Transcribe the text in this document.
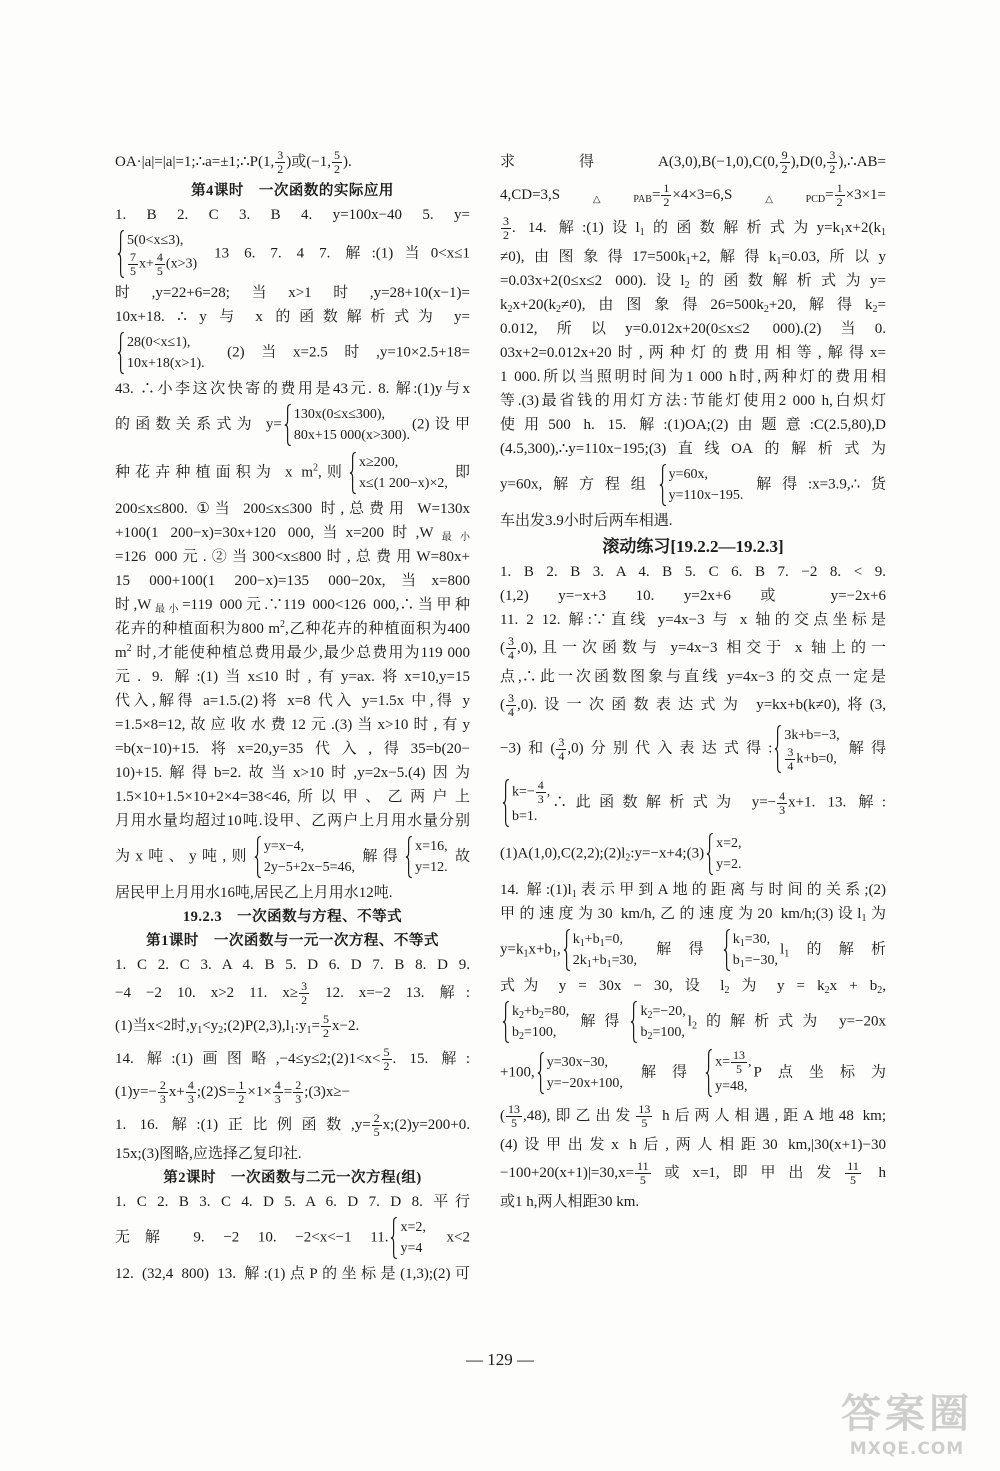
OA·|a|=|a|=1;∴a=±1;∴P(1, $\frac{3}{2}$ )或(−1, $\frac{5}{2}$ ).
第4课时　一次函数的实际应用
1. B 2. C 3. B 4. y=100x−40 5. y=
5(0<x≤3),
$\frac{7}{5} x+ \frac{4}{5} (x>3)$
13 6. 7. 4 7. 解:(1)当0<x≤1
时,y=22+6=28;当x>1时,y=28+10(x−1)=
10x+18. ∴ y 与 x 的函数解析式为 y=
28(0<x≤1),
10x+18(x>1).
(2)当x=2.5时,y=10×2.5+18=
43. ∴小李这次快寄的费用是43元. 8. 解:(1)y与x
的函数关系式为 y=
130x(0≤x≤300),
80x+15 000(x>300).
(2)设甲
种花卉种植面积为 x $m^2$,则
x≥200,
x≤(1 200−x)×2,
即
200≤x≤800. ①当 200≤x≤300 时,总费用 W=130x
+100(1 200−x)=30x+120 000,当x=200时$,W_{最小}$
=126 000元.②当300<x≤800时,总费用W=80x+
15 000+100(1 200−x)=135 000−20x,当x=800
时$,W_{最小}=119$ 000元.∵119 000<126 000,∴当甲种
花卉的种植面积为800 $m^2$,乙种花卉的种植面积为400
$m^2$ 时,才能使种植总费用最少,最少总费用为119 000
元. 9. 解:(1)当x≤10时,有y=ax.将x=10,y=15
代入,解得 a=1.5.(2)将 x=8 代入 y=1.5x 中,得 y
=1.5×8=12,故应收水费12元.(3)当x>10时,有y
=b(x−10)+15.将x=20,y=35代入,得35=b(20−
10)+15.解得b=2.故当x>10时,y=2x−5.(4)因为
1.5×10+1.5×10+2×4=38<46,所以甲、乙两户上
月用水量均超过10吨.设甲、乙两户上月用水量分别
为x吨、y吨,则
y=x−4,
2y−5+2x−5=46,
解得
x=16,
y=12.
故
居民甲上月用水16吨,居民乙上月用水12吨.
19.2.3　一次函数与方程、不等式
第1课时　一次函数与一元一次方程、不等式
1. C 2. C 3. A 4. B 5. D 6. D 7. B 8. D 9.
−4 −2 10. x>2 11. $x\ge \frac{3}{2} 12$. x=−2 13. 解:
(1)当x<2时$,y_1<y_2;(2)P(2,3),l_1:y_1= \frac{5}{2} x-2$.
14. 解:(1)画图略,−4≤y≤2;(2)1<x< $\frac{5}{2}$ . 15. 解:
$(1)y=- \frac{2}{3} x+ \frac{4}{3}$ ;(2)S= $\frac{1}{2} \times 1\times \frac{4}{3} = \frac{2}{3}$ ;(3)x≥−
1. 16. 解:(1)正比例函数$,y= \frac{2}{5}$ x;(2)y=200+0.
15x;(3)图略,应选择乙复印社.
第2课时　一次函数与二元一次方程(组)
1. C 2. B 3. C 4. D 5. A 6. D 7. D 8. 平行
无解 9. −2 10. −2<x<−1 11.
x=2,
y=4
x<2
12. (32,4 800) 13. 解:(1)点P的坐标是(1,3);(2)可
求得A(3,0),B(−1,0),C(0, $\frac{9}{2} ),D(0$, $\frac{3}{2}$ ),∴AB=
$4,CD=3,S_{\triangle PAB}= \frac{1}{2} \times 4\times 3=6,S_{\triangle PCD}= \frac{1}{2} \times 3\times 1=$
$\frac{3}{2}$ . 14. 解:(1)设$l_1$的函数解析式为$y=k_1x+2(k_1$
≠0),由图象得$17=500k_1+2$,解得$k_1=0.03$,所以y
=0.03x+2(0≤x≤2 000).设$l_2$的函数解析式为y=
$k_2x+20(k_2\ne 0)$,由图象得$26=500k_2+20$,解得$k_2=$
0.012,所以y=0.012x+20(0≤x≤2 000).(2)当0.
03x+2=0.012x+20时,两种灯的费用相等,解得x=
1 000.所以当照明时间为1 000 h时,两种灯的费用相
等.(3)最省钱的用灯方法:节能灯使用2 000 h,白炽灯
使用500 h. 15. 解:(1)OA;(2)由题意:C(2.5,80),D
(4.5,300),∴y=110x−195;(3)直线OA的解析式为
y=60x,解方程组
y=60x,
y=110x−195.
解得:x=3.9,∴货
车出发3.9小时后两车相遇.
滚动练习[19.2.2—19.2.3]
1. B 2. B 3. A 4. B 5. C 6. B 7. −2 8. < 9.
(1,2) y=−x+3 10. y=2x+6 或 y=−2x+6
11. 2 12. 解:∵直线 y=4x−3 与 x 轴的交点坐标是
( $\frac{3}{4} ,0$),且一次函数与 y=4x−3 相交于 x 轴上的一
点,∴此一次函数图象与直线 y=4x−3 的交点一定是
( $\frac{3}{4} ,0$).设一次函数表达式为 y=kx+b(k≠0),将(3,
−3)和( $\frac{3}{4} ,0$)分别代入表达式得:
3k+b=−3,
$\frac{3}{4} k+b=0$,
解得
$k=- \frac{4}{3}$ ,
b=1.
∴此函数解析式为 $y=- \frac{4}{3} x+1$. 13. 解:
$(1)A(1,0),C(2,2);(2)l_2:y=-x+4;(3)$
x=2,
y=2.
14. 解$:(1)l_1$表示甲到A地的距离与时间的关系;(2)
甲的速度为30 km/h,乙的速度为20 km/h;(3)设$l_1$为
$y=k_1x+b_1$,
$k_1+b_1=0$,
$2k_1+b_1=30$,
解得
$k_1=30$,
$b_1=-30$,
$l_1$的解析
式为 y = 30x − 30, 设 $l_2$ 为 $y = k_2x + b_2$,
$k_2+b_2=80$,
$b_2=100$,
解得
$k_2=-20$,
$b_2=100$,
$l_2$的解析式为 y=−20x
+100,
y=30x−30,
y=−20x+100,
解得
$x= \frac{13}{5}$ ,
y=48,
P点坐标为
( $\frac{13}{5} ,48$),即乙出发 $\frac{13}{5}$ h后两人相遇,距A地48 km;
(4)设甲出发x h后,两人相距30 km,|30(x+1)−30
$-100+20(x+1)|=30,x= \frac{11}{5}$ 或x=1,即甲出发 $\frac{11}{5}$ h
或1 h,两人相距30 km.
— 129 —
答案圈
MXQE.COM
